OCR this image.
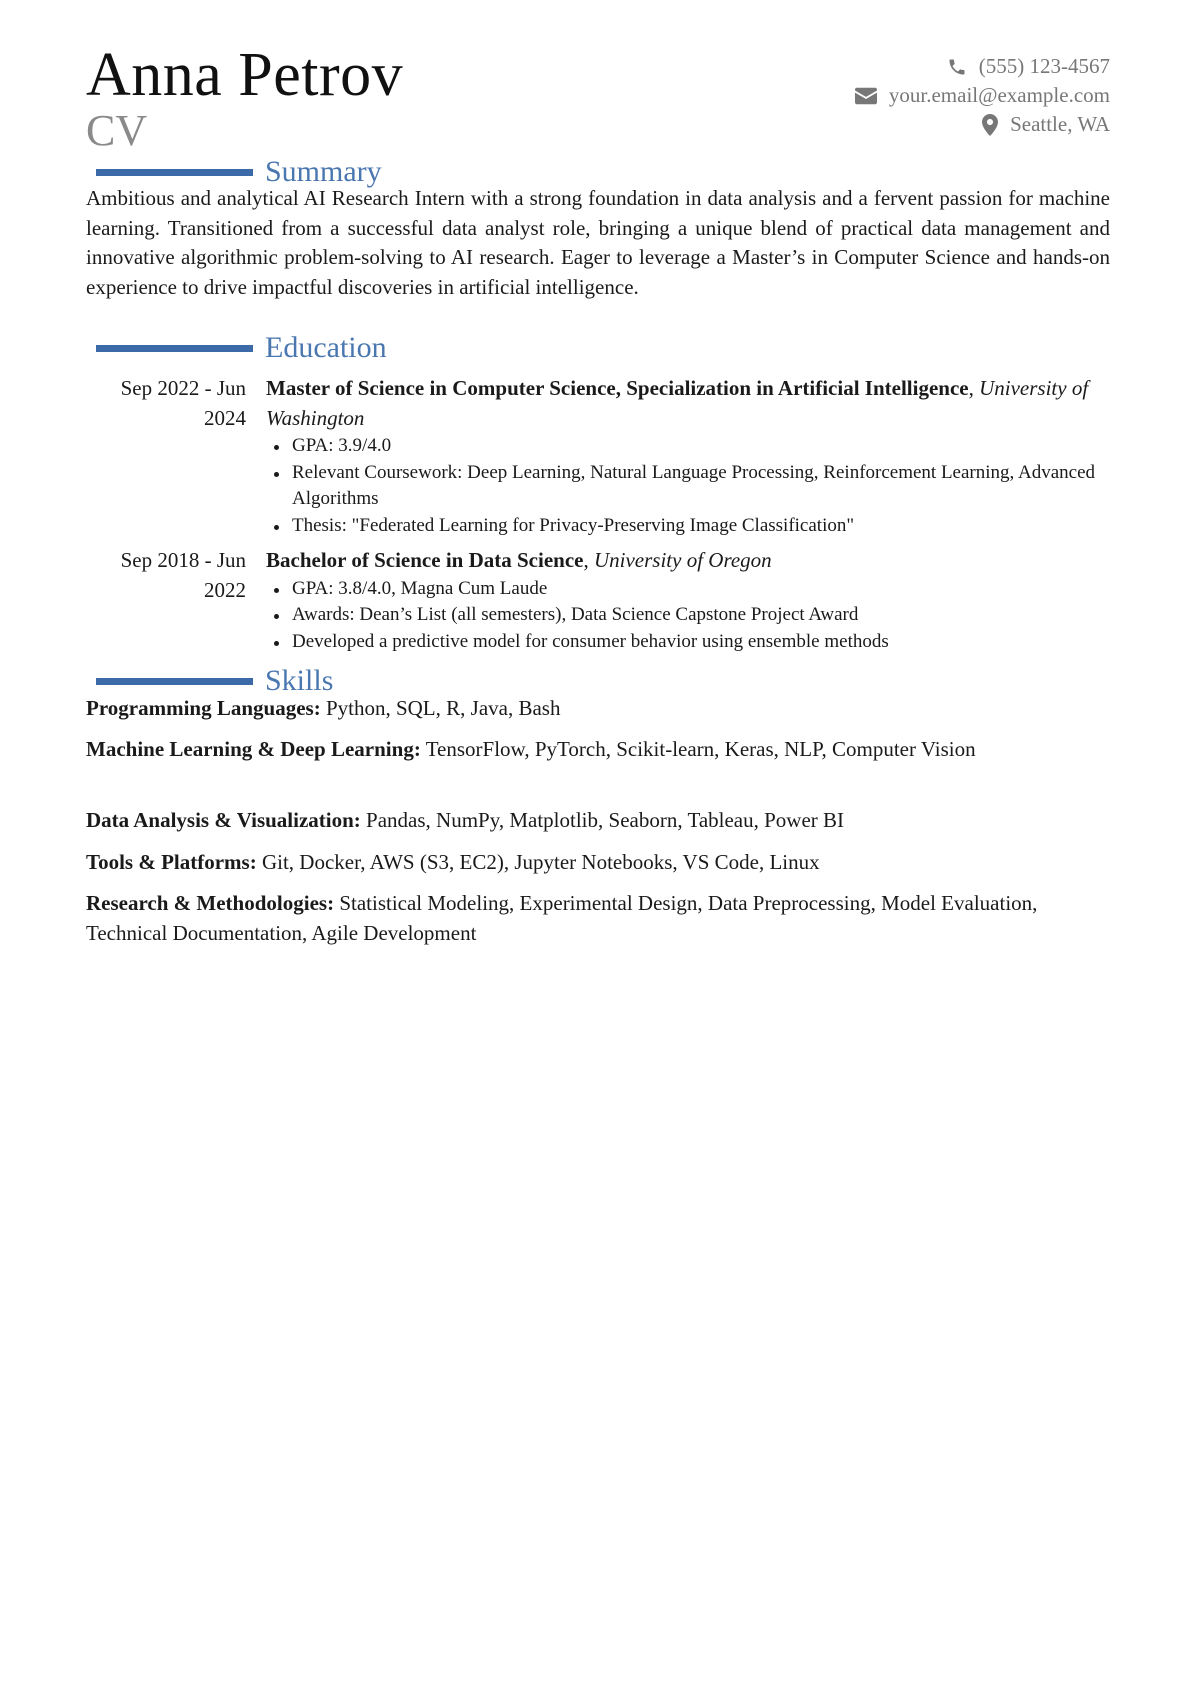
Anna Petrov
CV
(555) 123-4567
your.email@example.com
Seattle, WA
Summary
Ambitious and analytical AI Research Intern with a strong foundation in data analysis and a fervent passion for machine learning. Transitioned from a successful data analyst role, bringing a unique blend of practical data management and innovative algorithmic problem-solving to AI research. Eager to leverage a Master’s in Computer Science and hands-on experience to drive impactful discoveries in artificial intelligence.
Education
Sep 2022 - Jun
2024
Master of Science in Computer Science, Specialization in Artificial Intelligence, University of Washington
GPA: 3.9/4.0
Relevant Coursework: Deep Learning, Natural Language Processing, Reinforcement Learning, Advanced Algorithms
Thesis: "Federated Learning for Privacy-Preserving Image Classification"
Sep 2018 - Jun
2022
Bachelor of Science in Data Science, University of Oregon
GPA: 3.8/4.0, Magna Cum Laude
Awards: Dean’s List (all semesters), Data Science Capstone Project Award
Developed a predictive model for consumer behavior using ensemble methods
Skills
Programming Languages: Python, SQL, R, Java, Bash
Machine Learning & Deep Learning: TensorFlow, PyTorch, Scikit-learn, Keras, NLP, Computer Vision
Data Analysis & Visualization: Pandas, NumPy, Matplotlib, Seaborn, Tableau, Power BI
Tools & Platforms: Git, Docker, AWS (S3, EC2), Jupyter Notebooks, VS Code, Linux
Research & Methodologies: Statistical Modeling, Experimental Design, Data Preprocessing, Model Evaluation, Technical Documentation, Agile Development
